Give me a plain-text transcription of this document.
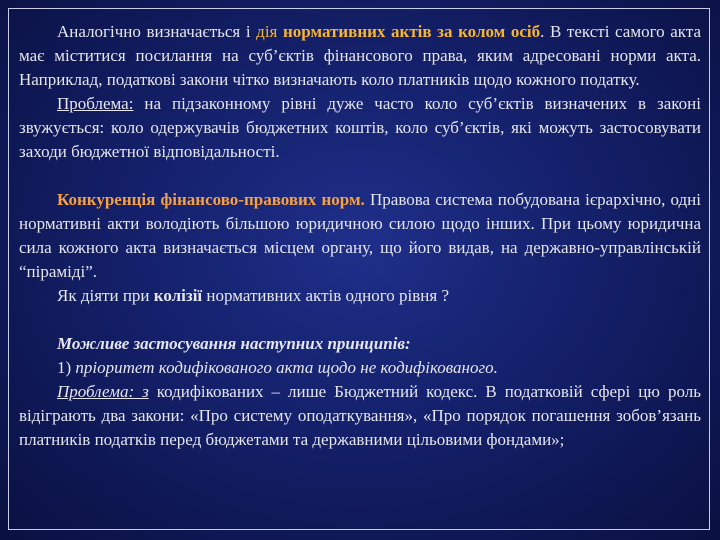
Аналогічно визначається і дія нормативних актів за колом осіб. В тексті самого акта має міститися посилання на суб’єктів фінансового права, яким адресовані норми акта. Наприклад, податкові закони чітко визначають коло платників щодо кожного податку.

Проблема: на підзаконному рівні дуже часто коло суб’єктів визначених в законі звужується: коло одержувачів бюджетних коштів, коло суб’єктів, які можуть застосовувати заходи бюджетної відповідальності.

Конкуренція фінансово-правових норм. Правова система побудована ієрархічно, одні нормативні акти володіють більшою юридичною силою щодо інших. При цьому юридична сила кожного акта визначається місцем органу, що його видав, на державно-управлінській “піраміді”.

Як діяти при колізії нормативних актів одного рівня ?

Можливе застосування наступних принципів:

1) пріоритет кодифікованого акта щодо не кодифікованого.

Проблема: з кодифікованих – лише Бюджетний кодекс. В податковій сфері цю роль відіграють два закони: «Про систему оподаткування», «Про порядок погашення зобов’язань платників податків перед бюджетами та державними цільовими фондами»;
